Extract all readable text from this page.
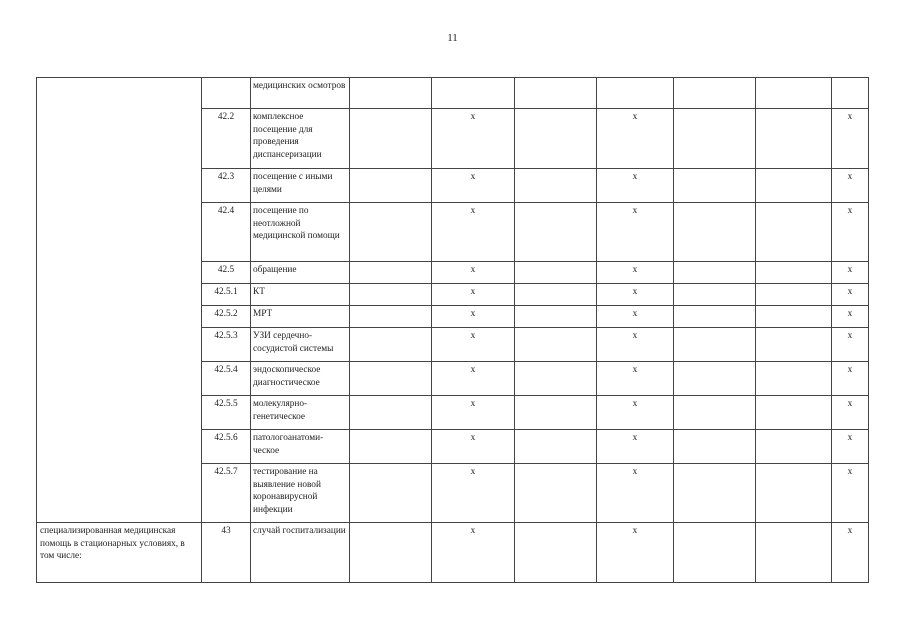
11
		медицинских осмотров							
	42.2	комплексное посещение для проведения диспансеризации		х		х			х
	42.3	посещение с иными целями		х		х			х
	42.4	посещение по неотложной медицинской помощи		х		х			х
	42.5	обращение		х		х			х
	42.5.1	КТ		х		х			х
	42.5.2	МРТ		х		х			х
	42.5.3	УЗИ сердечно-сосудистой системы		х		х			х
	42.5.4	эндоскопическое диагностическое		х		х			х
	42.5.5	молекулярно-генетическое		х		х			х
	42.5.6	патологоанатоми-ческое		х		х			х
	42.5.7	тестирование на выявление новой коронавирусной инфекции		х		х			х
специализированная медицинская помощь в стационарных условиях, в том числе:	43	случай госпитализации		х		х			х
